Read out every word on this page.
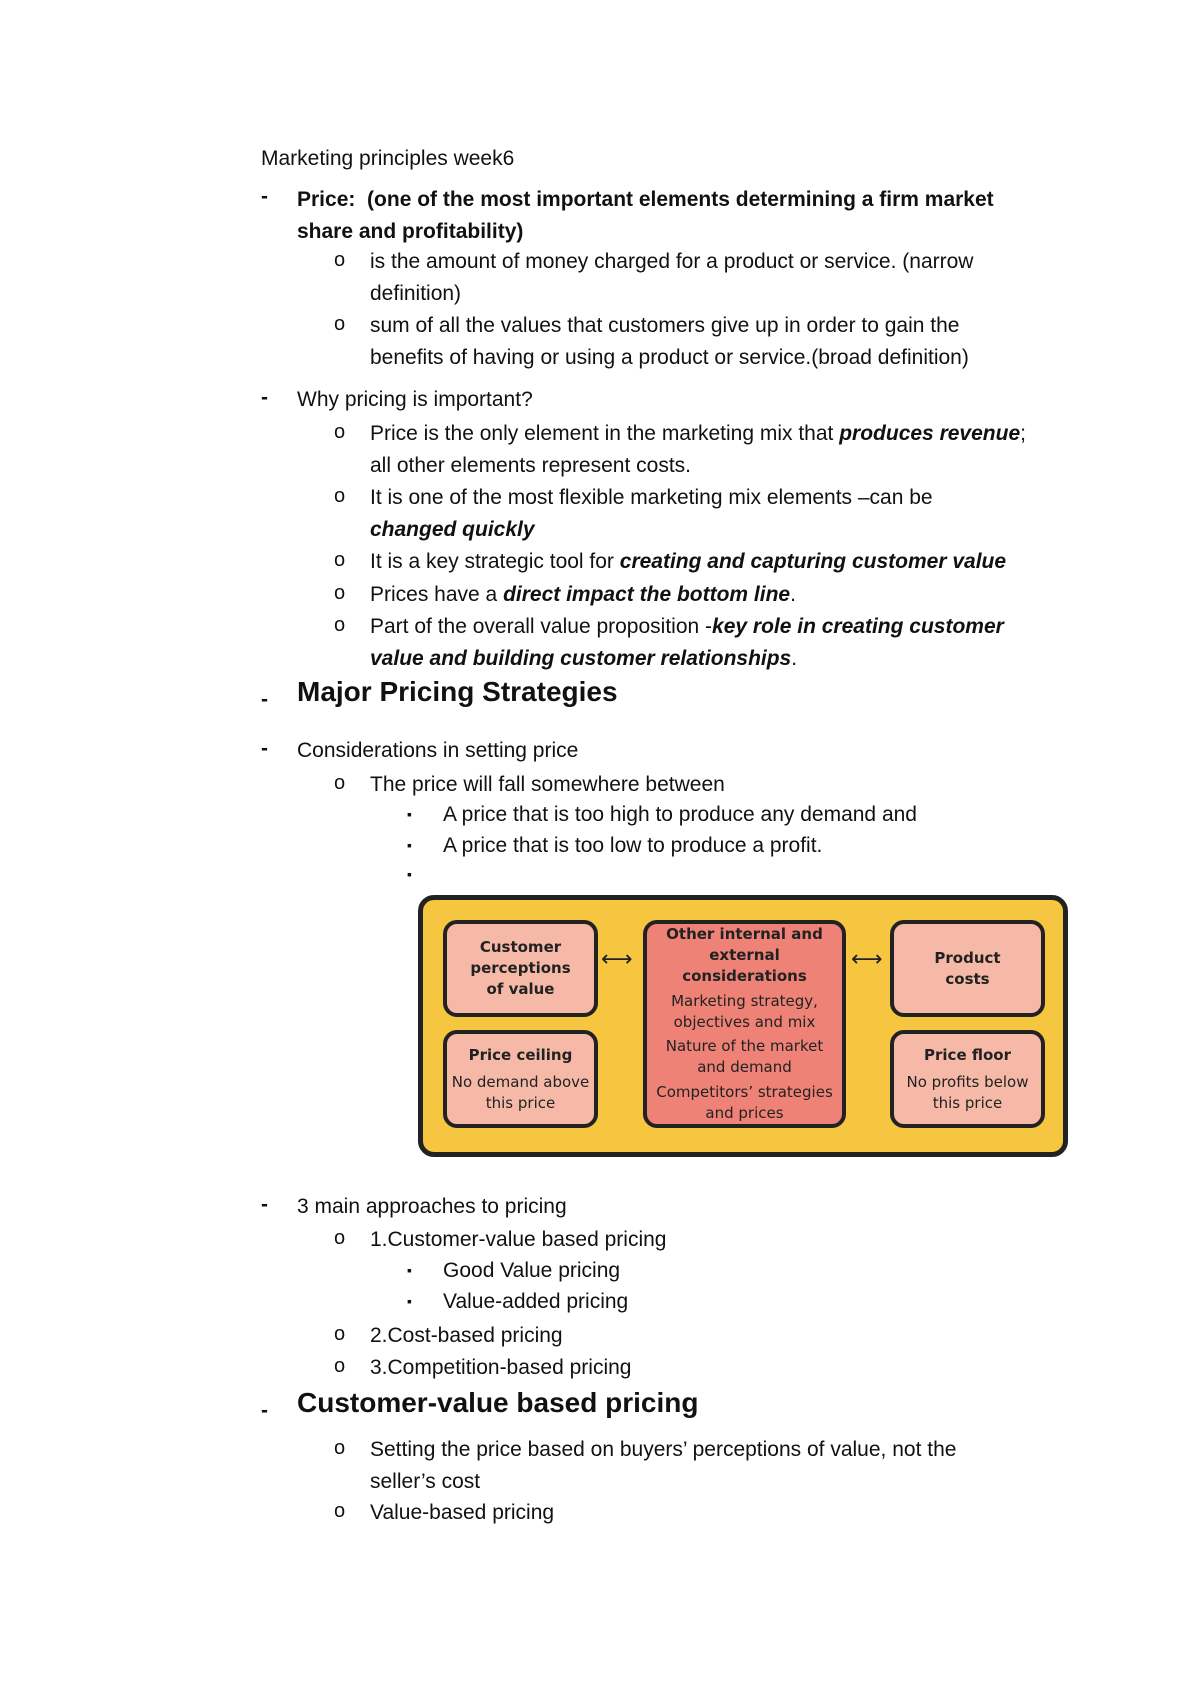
Marketing principles week6
- Price: (one of the most important elements determining a firm market
share and profitability)
o is the amount of money charged for a product or service. (narrow
definition)
o sum of all the values that customers give up in order to gain the
benefits of having or using a product or service.(broad definition)
- Why pricing is important?
o Price is the only element in the marketing mix that produces revenue;
all other elements represent costs.
o It is one of the most flexible marketing mix elements –can be
changed quickly
o It is a key strategic tool for creating and capturing customer value
o Prices have a direct impact the bottom line.
o Part of the overall value proposition -key role in creating customer
value and building customer relationships.
- Major Pricing Strategies
- Considerations in setting price
o The price will fall somewhere between
▪ A price that is too high to produce any demand and
▪ A price that is too low to produce a profit.
▪
Customer
perceptions
of value
Price ceiling
No demand above
this price
⟷
Other internal and
external considerations
Marketing strategy,
objectives and mix
Nature of the market
and demand
Competitors’ strategies
and prices
⟷	Product
costs
Price floor
No profits below
this price
- 3 main approaches to pricing
o 1.Customer-value based pricing
▪ Good Value pricing
▪ Value-added pricing
o 2.Cost-based pricing
o 3.Competition-based pricing
- Customer-value based pricing
o Setting the price based on buyers’ perceptions of value, not the
seller’s cost
o Value-based pricing
